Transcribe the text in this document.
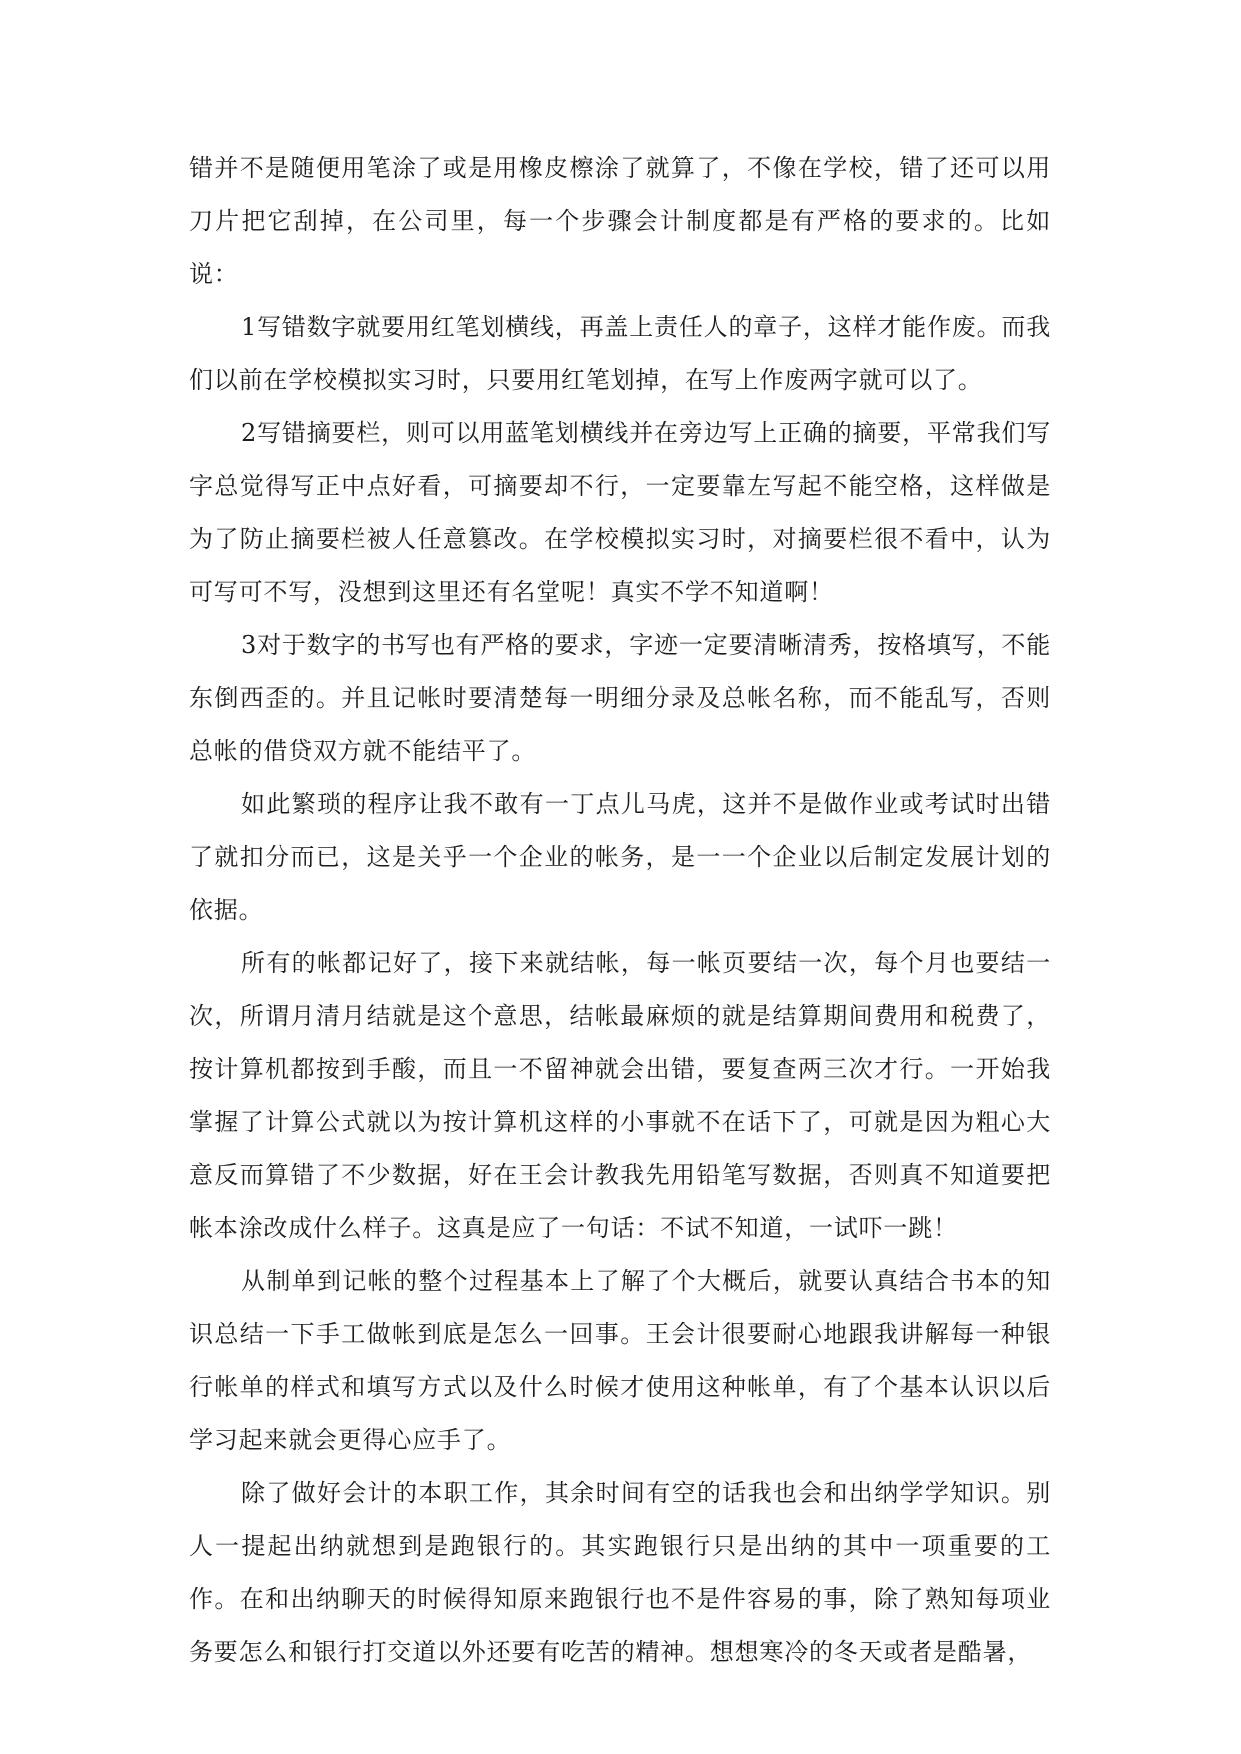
错并不是随便用笔涂了或是用橡皮檫涂了就算了，不像在学校，错了还可以用刀片把它刮掉，在公司里，每一个步骤会计制度都是有严格的要求的。比如说：

1写错数字就要用红笔划横线，再盖上责任人的章子，这样才能作废。而我们以前在学校模拟实习时，只要用红笔划掉，在写上作废两字就可以了。

2写错摘要栏，则可以用蓝笔划横线并在旁边写上正确的摘要，平常我们写字总觉得写正中点好看，可摘要却不行，一定要靠左写起不能空格，这样做是为了防止摘要栏被人任意篡改。在学校模拟实习时，对摘要栏很不看中，认为可写可不写，没想到这里还有名堂呢！真实不学不知道啊！

3对于数字的书写也有严格的要求，字迹一定要清晰清秀，按格填写，不能东倒西歪的。并且记帐时要清楚每一明细分录及总帐名称，而不能乱写，否则总帐的借贷双方就不能结平了。

如此繁琐的程序让我不敢有一丁点儿马虎，这并不是做作业或考试时出错了就扣分而已，这是关乎一个企业的帐务，是一一个企业以后制定发展计划的依据。

所有的帐都记好了，接下来就结帐，每一帐页要结一次，每个月也要结一次，所谓月清月结就是这个意思，结帐最麻烦的就是结算期间费用和税费了，按计算机都按到手酸，而且一不留神就会出错，要复查两三次才行。一开始我掌握了计算公式就以为按计算机这样的小事就不在话下了，可就是因为粗心大意反而算错了不少数据，好在王会计教我先用铅笔写数据，否则真不知道要把帐本涂改成什么样子。这真是应了一句话：不试不知道，一试吓一跳！

从制单到记帐的整个过程基本上了解了个大概后，就要认真结合书本的知识总结一下手工做帐到底是怎么一回事。王会计很要耐心地跟我讲解每一种银行帐单的样式和填写方式以及什么时候才使用这种帐单，有了个基本认识以后学习起来就会更得心应手了。

除了做好会计的本职工作，其余时间有空的话我也会和出纳学学知识。别人一提起出纳就想到是跑银行的。其实跑银行只是出纳的其中一项重要的工作。在和出纳聊天的时候得知原来跑银行也不是件容易的事，除了熟知每项业务要怎么和银行打交道以外还要有吃苦的精神。想想寒冷的冬天或者是酷暑，
